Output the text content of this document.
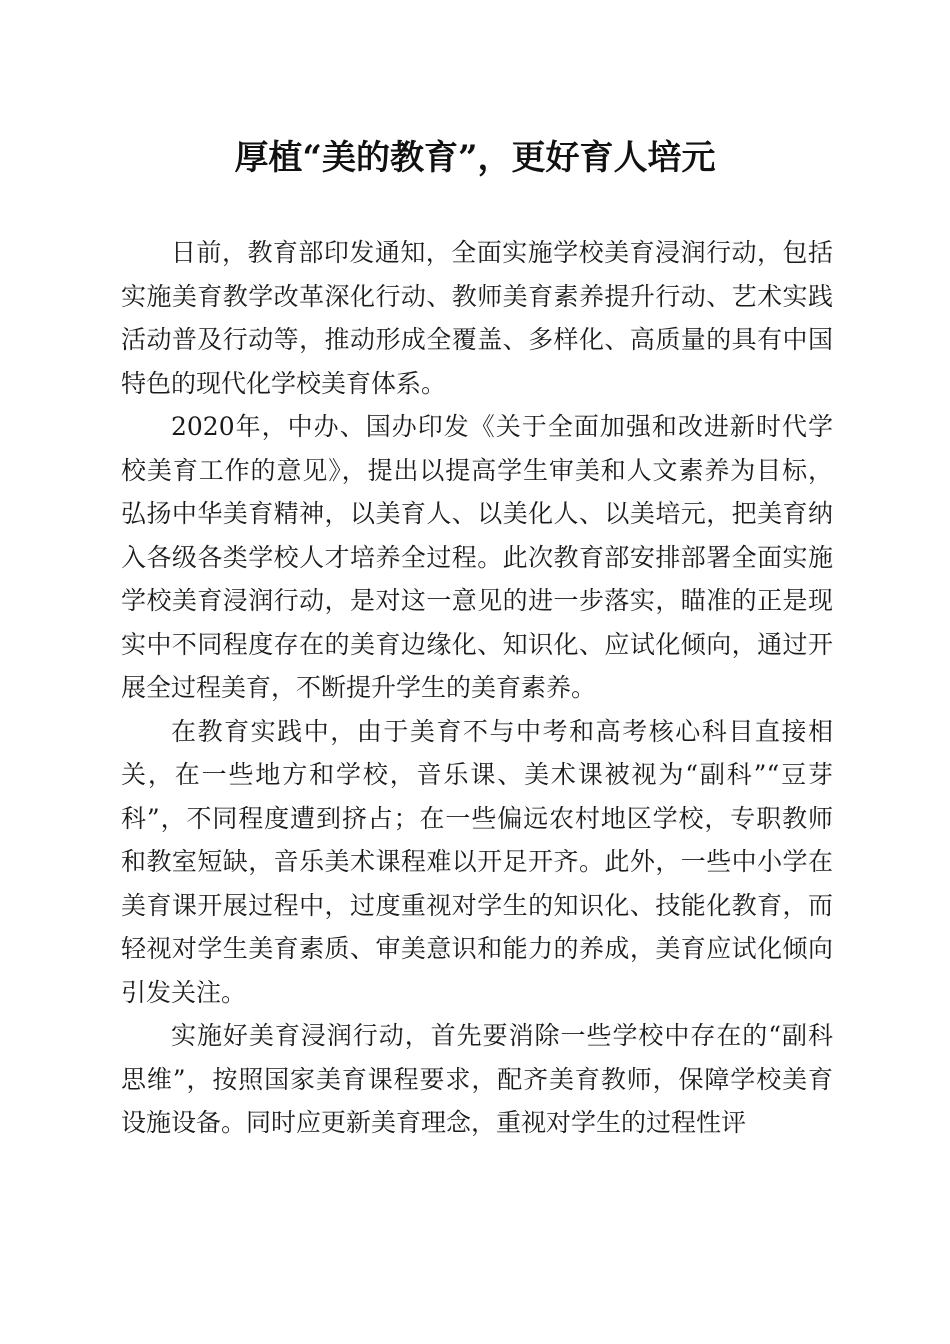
厚植“美的教育”，更好育人培元

日前，教育部印发通知，全面实施学校美育浸润行动，包括实施美育教学改革深化行动、教师美育素养提升行动、艺术实践活动普及行动等，推动形成全覆盖、多样化、高质量的具有中国特色的现代化学校美育体系。

2020年，中办、国办印发《关于全面加强和改进新时代学校美育工作的意见》，提出以提高学生审美和人文素养为目标，弘扬中华美育精神，以美育人、以美化人、以美培元，把美育纳入各级各类学校人才培养全过程。此次教育部安排部署全面实施学校美育浸润行动，是对这一意见的进一步落实，瞄准的正是现实中不同程度存在的美育边缘化、知识化、应试化倾向，通过开展全过程美育，不断提升学生的美育素养。

在教育实践中，由于美育不与中考和高考核心科目直接相关，在一些地方和学校，音乐课、美术课被视为“副科”“豆芽科”，不同程度遭到挤占；在一些偏远农村地区学校，专职教师和教室短缺，音乐美术课程难以开足开齐。此外，一些中小学在美育课开展过程中，过度重视对学生的知识化、技能化教育，而轻视对学生美育素质、审美意识和能力的养成，美育应试化倾向引发关注。

实施好美育浸润行动，首先要消除一些学校中存在的“副科思维”，按照国家美育课程要求，配齐美育教师，保障学校美育设施设备。同时应更新美育理念，重视对学生的过程性评
